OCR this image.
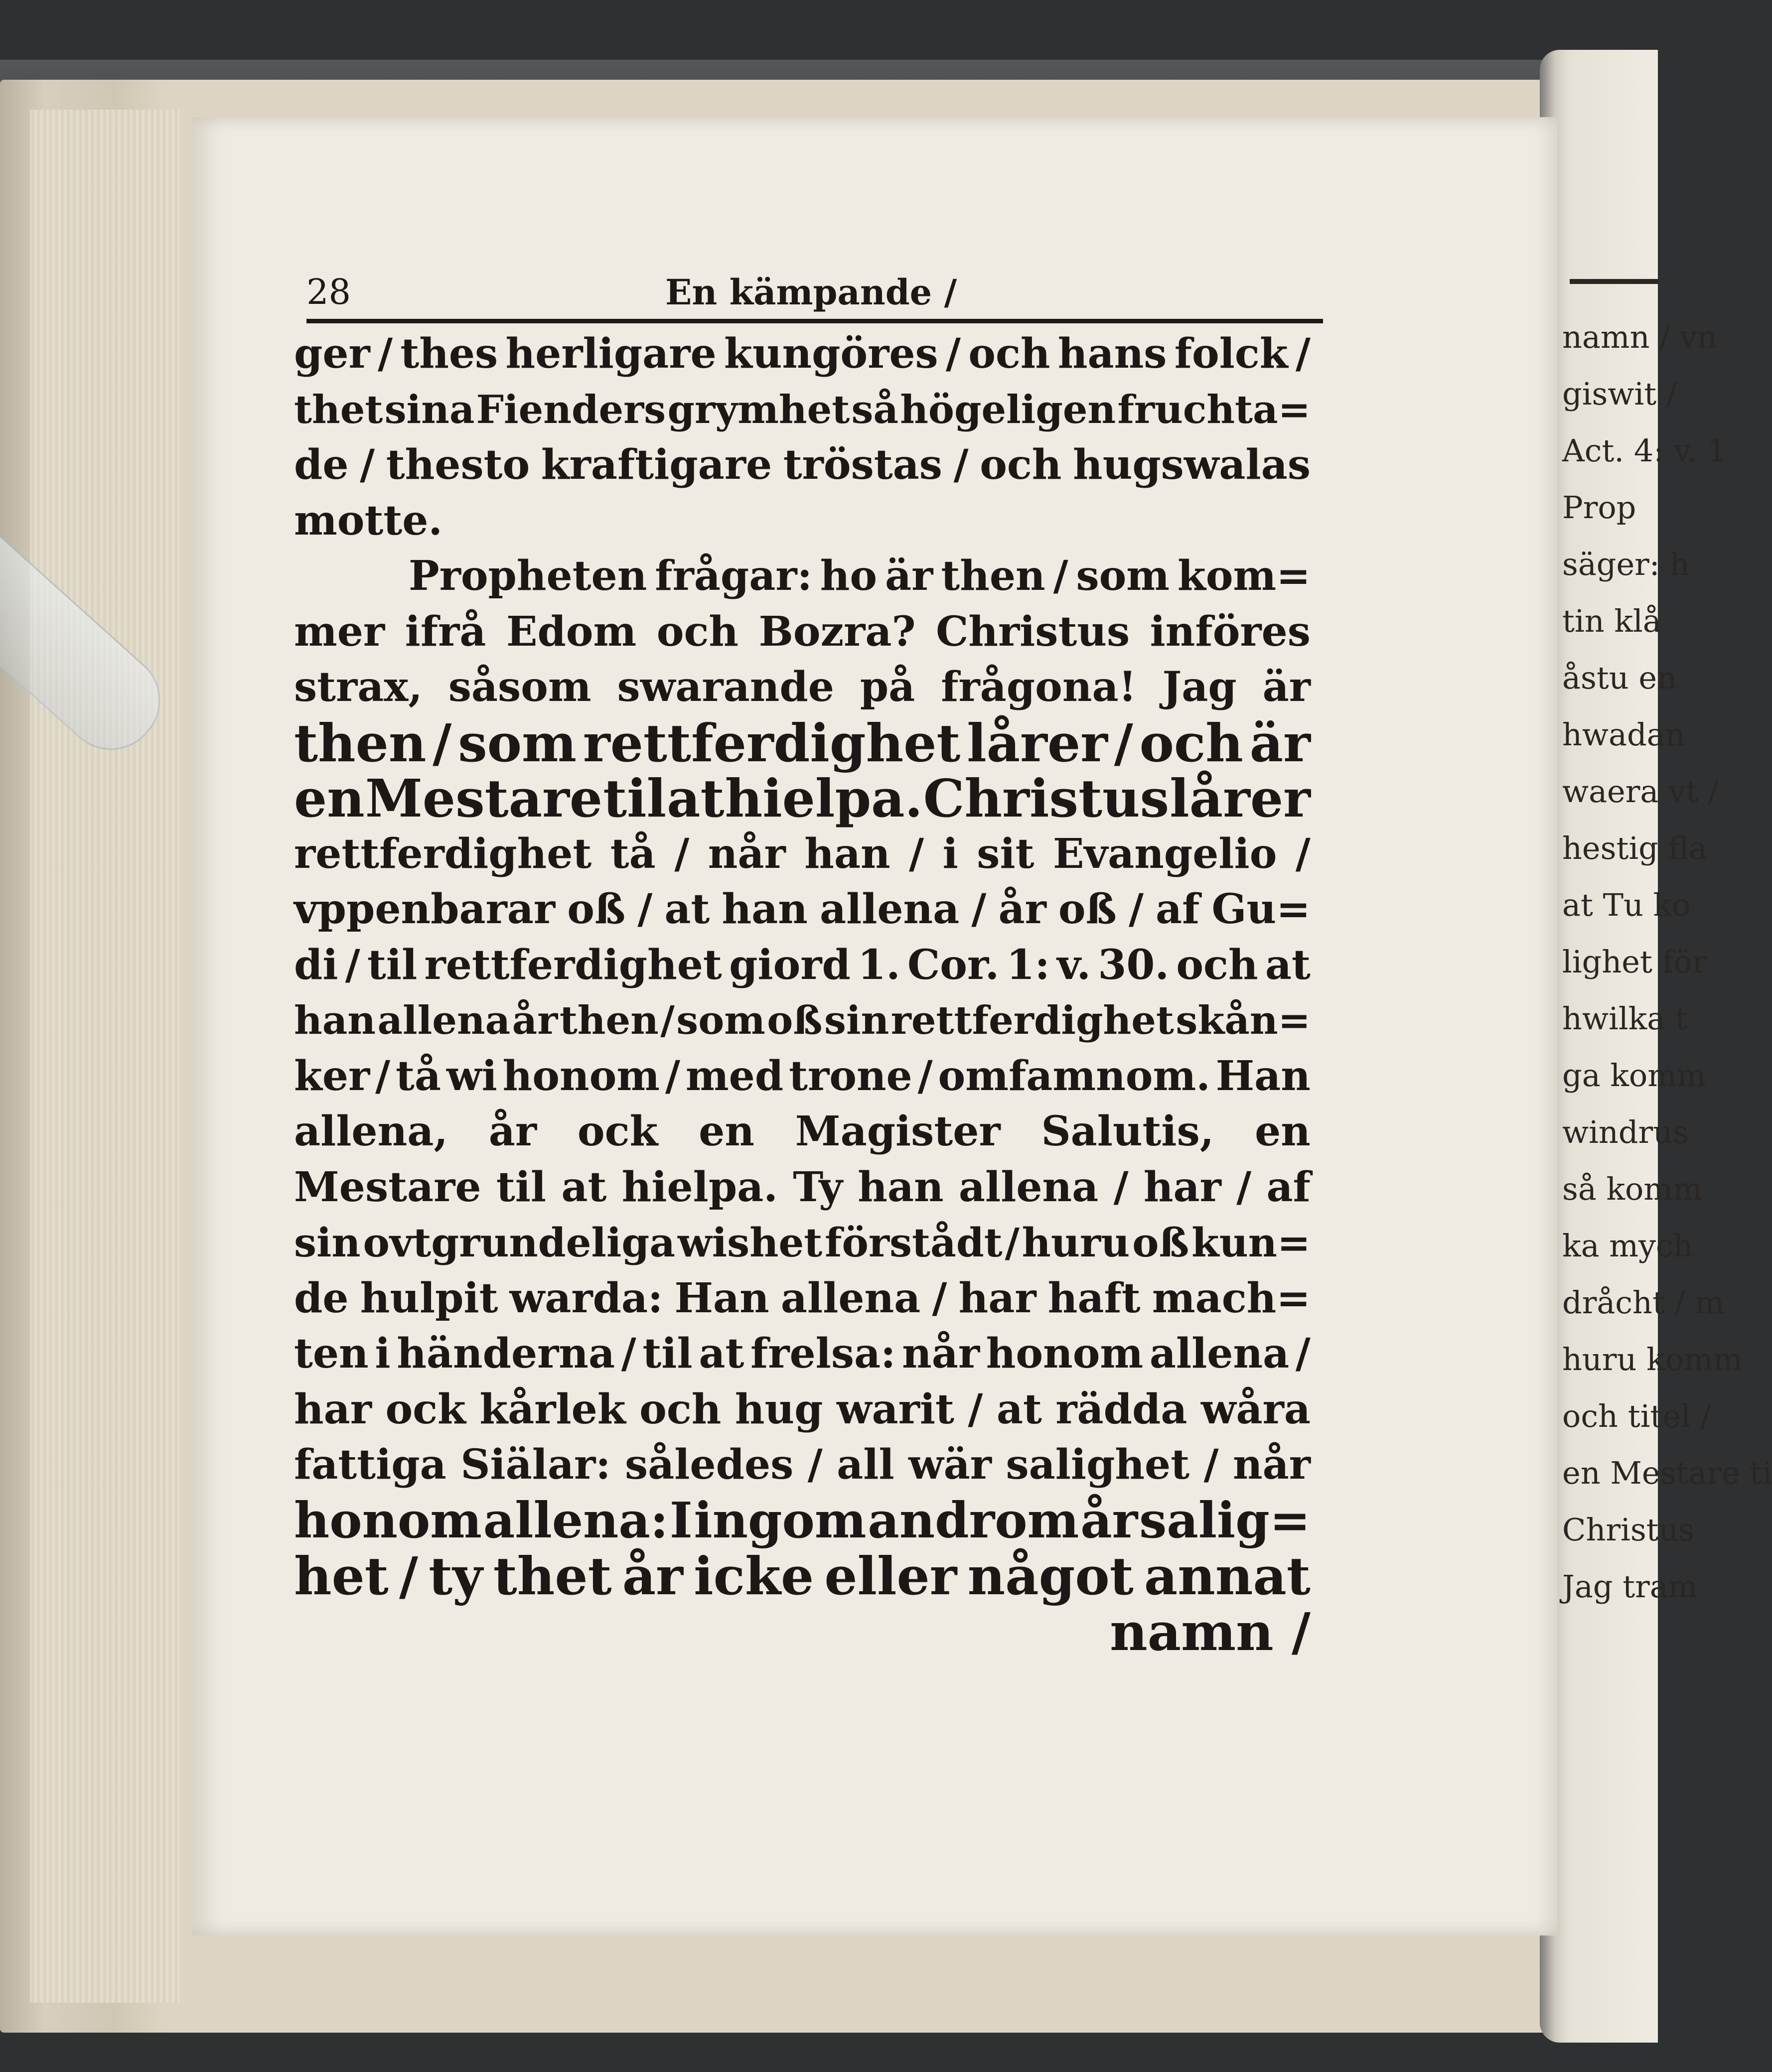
namn / vn
giswit /
Act. 4: v. 1
Prop
säger: h
tin klå
åstu en
hwadan
waera vt /
hestig fla
at Tu ko
lighet för
hwilka t
ga komm
windrus
så komm
ka mych
dråcht / m
huru komm
och titel /
en Mestare ti
Christus
Jag tram
28	En kämpande /
ger / thes herligare kungöres / och hans folck /
thet sina Fienders grymhet så högeligen fruchta=
de / thesto kraftigare tröstas / och hugswalas
motte.
Propheten frågar: ho är then / som kom=
mer ifrå Edom och Bozra? Christus införes
strax, såsom swarande på frågona! Jag är
then / som rettferdighet lårer / och är
en Mestare til at hielpa. Christus lårer
rettferdighet tå / når han / i sit Evangelio /
vppenbarar oß / at han allena / år oß / af Gu=
di / til rettferdighet giord 1. Cor. 1: v. 30. och at
han allena år then / som oß sin rettferdighet skån=
ker / tå wi honom / med trone / omfamnom. Han
allena, år ock en Magister Salutis, en
Mestare til at hielpa. Ty han allena / har / af
sin ovtgrundeliga wishet förstådt / huru oß kun=
de hulpit warda: Han allena / har haft mach=
ten i händerna / til at frelsa: når honom allena /
har ock kårlek och hug warit / at rädda wåra
fattiga Siälar: således / all wär salighet / når
honom allena: I ingom androm år salig=
het / ty thet år icke eller något annat
namn /
